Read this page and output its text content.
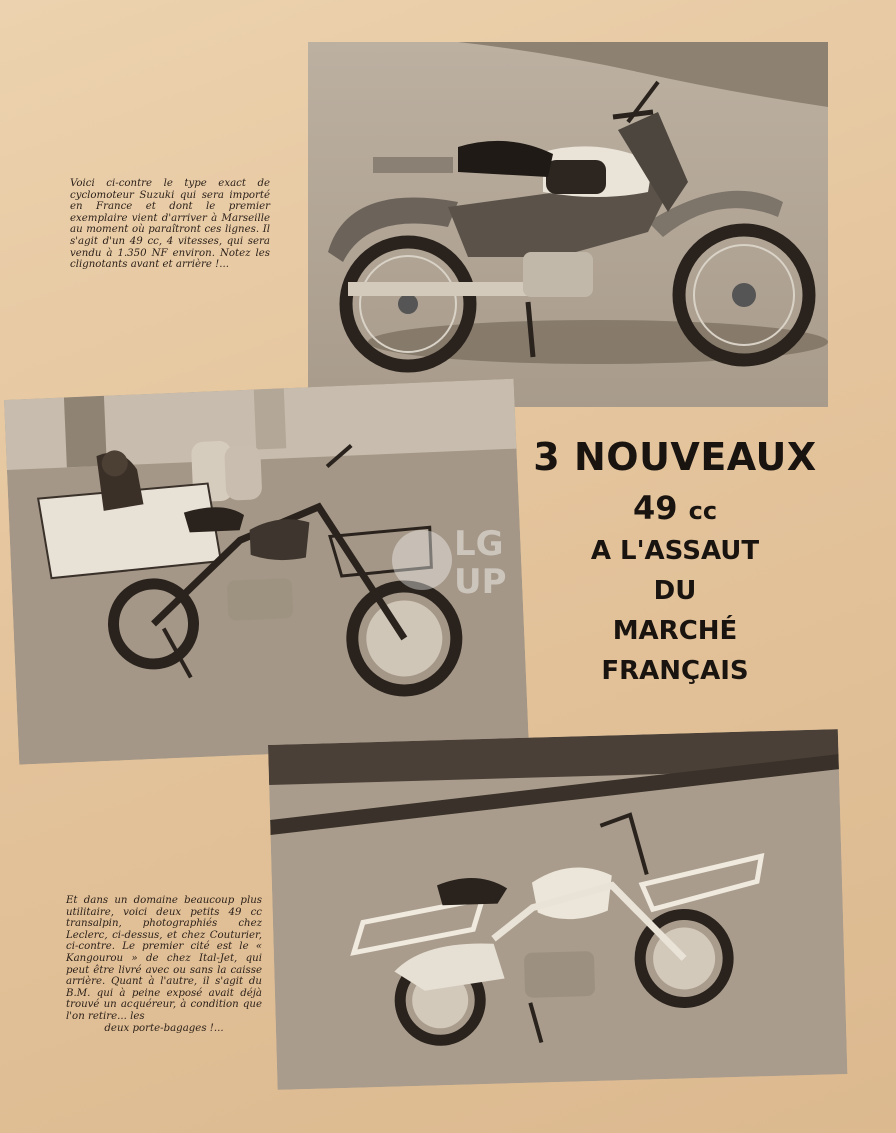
Voici ci-contre le type exact de cyclomoteur Suzuki qui sera importé en France et dont le premier exemplaire vient d'arriver à Marseille au moment où paraîtront ces lignes. Il s'agit d'un 49 cc, 4 vitesses, qui sera vendu à 1.350 NF environ. Notez les clignotants avant et arrière !...
LG
UP
3 NOUVEAUX
49 cc
A L'ASSAUT
DU
MARCHÉ
FRANÇAIS
Et dans un domaine beaucoup plus utilitaire, voici deux petits 49 cc transalpin, photographiés chez Leclerc, ci-dessus, et chez Couturier, ci-contre. Le premier cité est le « Kangourou » de chez Ital-Jet, qui peut être livré avec ou sans la caisse arrière. Quant à l'autre, il s'agit du B.M. qui à peine exposé avait déjà trouvé un acquéreur, à condition que l'on retire... les
deux porte-bagages !...
